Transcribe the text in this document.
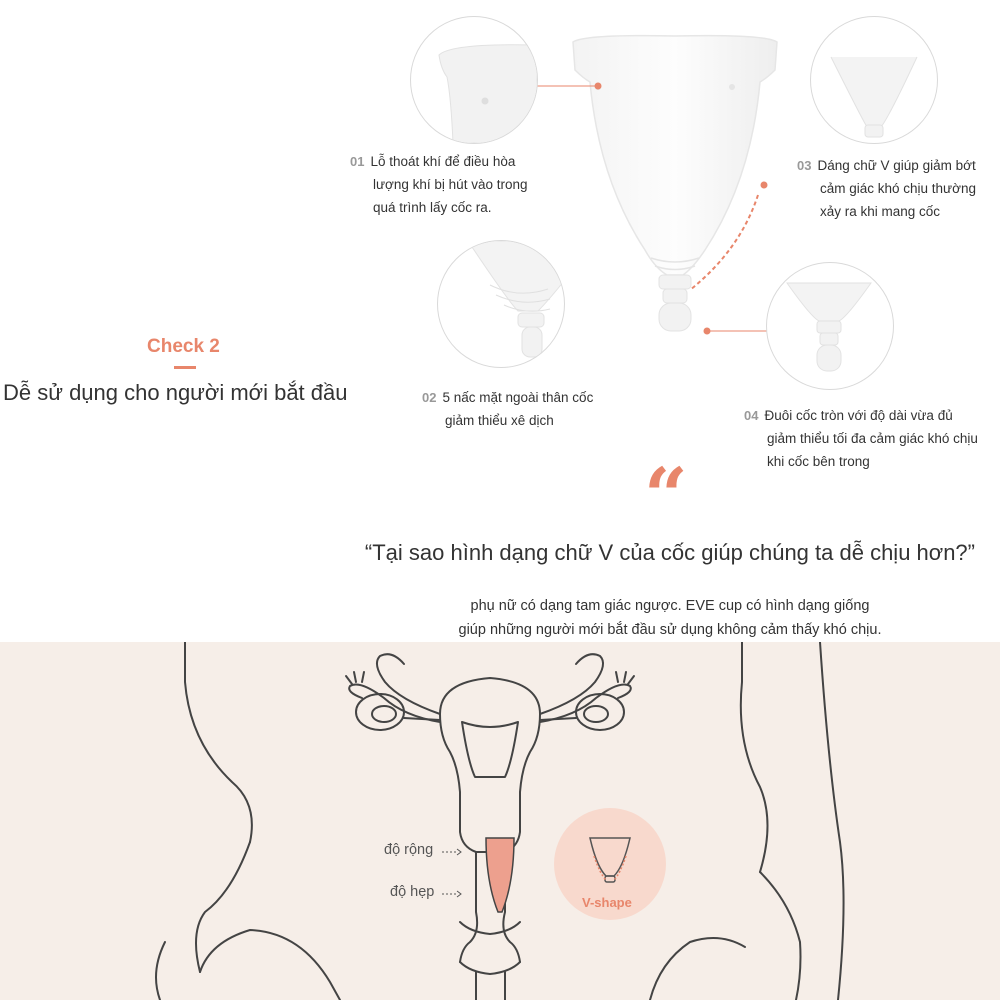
01 Lỗ thoát khí để điều hòa
lượng khí bị hút vào trong
quá trình lấy cốc ra.
03 Dáng chữ V giúp giảm bớt
cảm giác khó chịu thường
xảy ra khi mang cốc
02 5 nấc mặt ngoài thân cốc
giảm thiểu xê dịch	04 Đuôi cốc tròn với độ dài vừa đủ
giảm thiểu tối đa cảm giác khó chịu
khi cốc bên trong
Check 2
Dễ sử dụng cho người mới bắt đầu
“
“Tại sao hình dạng chữ V của cốc giúp chúng ta dễ chịu hơn?”
phụ nữ có dạng tam giác ngược. EVE cup có hình dạng giống
giúp những người mới bắt đầu sử dụng không cảm thấy khó chịu.
độ rộng
độ hẹp
V-shape
